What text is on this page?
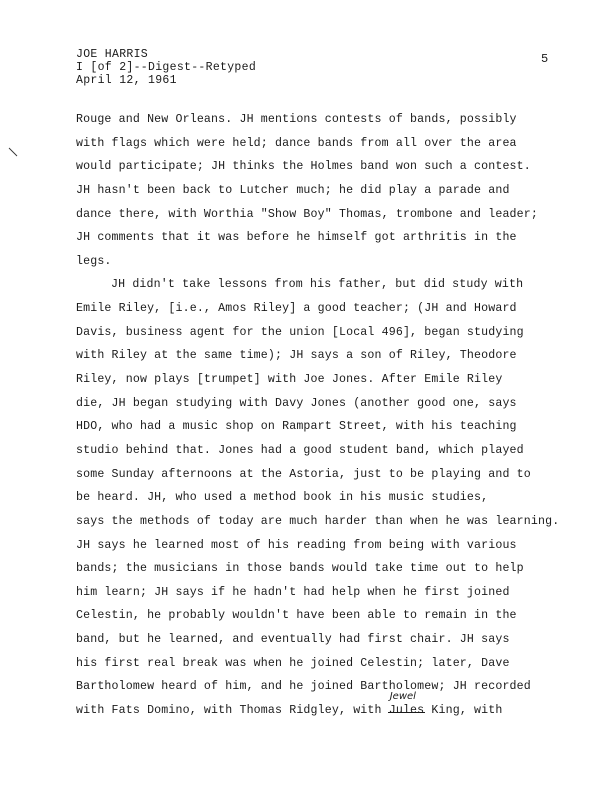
JOE HARRIS
I [of 2]--Digest--Retyped
April 12, 1961
5
Rouge and New Orleans. JH mentions contests of bands, possibly
with flags which were held; dance bands from all over the area
would participate; JH thinks the Holmes band won such a contest.
JH hasn't been back to Lutcher much; he did play a parade and
dance there, with Worthia "Show Boy" Thomas, trombone and leader;
JH comments that it was before he himself got arthritis in the
legs.
JH didn't take lessons from his father, but did study with
Emile Riley, [i.e., Amos Riley] a good teacher; (JH and Howard
Davis, business agent for the union [Local 496], began studying
with Riley at the same time); JH says a son of Riley, Theodore
Riley, now plays [trumpet] with Joe Jones. After Emile Riley
die, JH began studying with Davy Jones (another good one, says
HDO, who had a music shop on Rampart Street, with his teaching
studio behind that. Jones had a good student band, which played
some Sunday afternoons at the Astoria, just to be playing and to
be heard. JH, who used a method book in his music studies,
says the methods of today are much harder than when he was learning.
JH says he learned most of his reading from being with various
bands; the musicians in those bands would take time out to help
him learn; JH says if he hadn't had help when he first joined
Celestin, he probably wouldn't have been able to remain in the
band, but he learned, and eventually had first chair. JH says
his first real break was when he joined Celestin; later, Dave
Bartholomew heard of him, and he joined Bartholomew; JH recorded
with Fats Domino, with Thomas Ridgley, with
Jewel
Jules King, with
